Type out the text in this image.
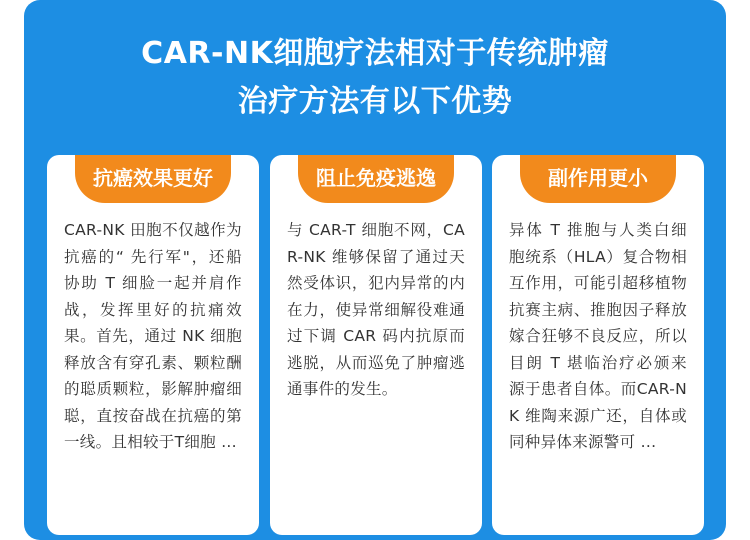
CAR-NK细胞疗法相对于传统肿瘤
治疗方法有以下优势
抗癌效果更好
CAR-NK 田胞不仅越作为抗癌的“ 先行军"，还船协助 T 细脸一起并肩作战，发挥里好的抗痛效果。首先，通过 NK 细胞释放含有穿孔素、颗粒酬的聪质颗粒，影解肿瘤细聪，直按奋战在抗癌的第一线。且相较于T细胞 ...
阻止免疫逃逸
与 CAR-T 细胞不网，CAR-NK 维够保留了通过天然受体识，犯内异常的内在力，使异常细解役难通过下调 CAR 码内抗原而逃脱，从而巡免了肿瘤逃通事件的发生。
副作用更小
异体 T 推胞与人类白细胞统系（HLA）复合物相互作用，可能引超移植物抗赛主病、推胞因子释放嫁合狂够不良反应，所以目朗 T 堪临治疗必颁来源于患者自体。而CAR-NK 维陶来源广还，自体或同种异体来源警可 ...
